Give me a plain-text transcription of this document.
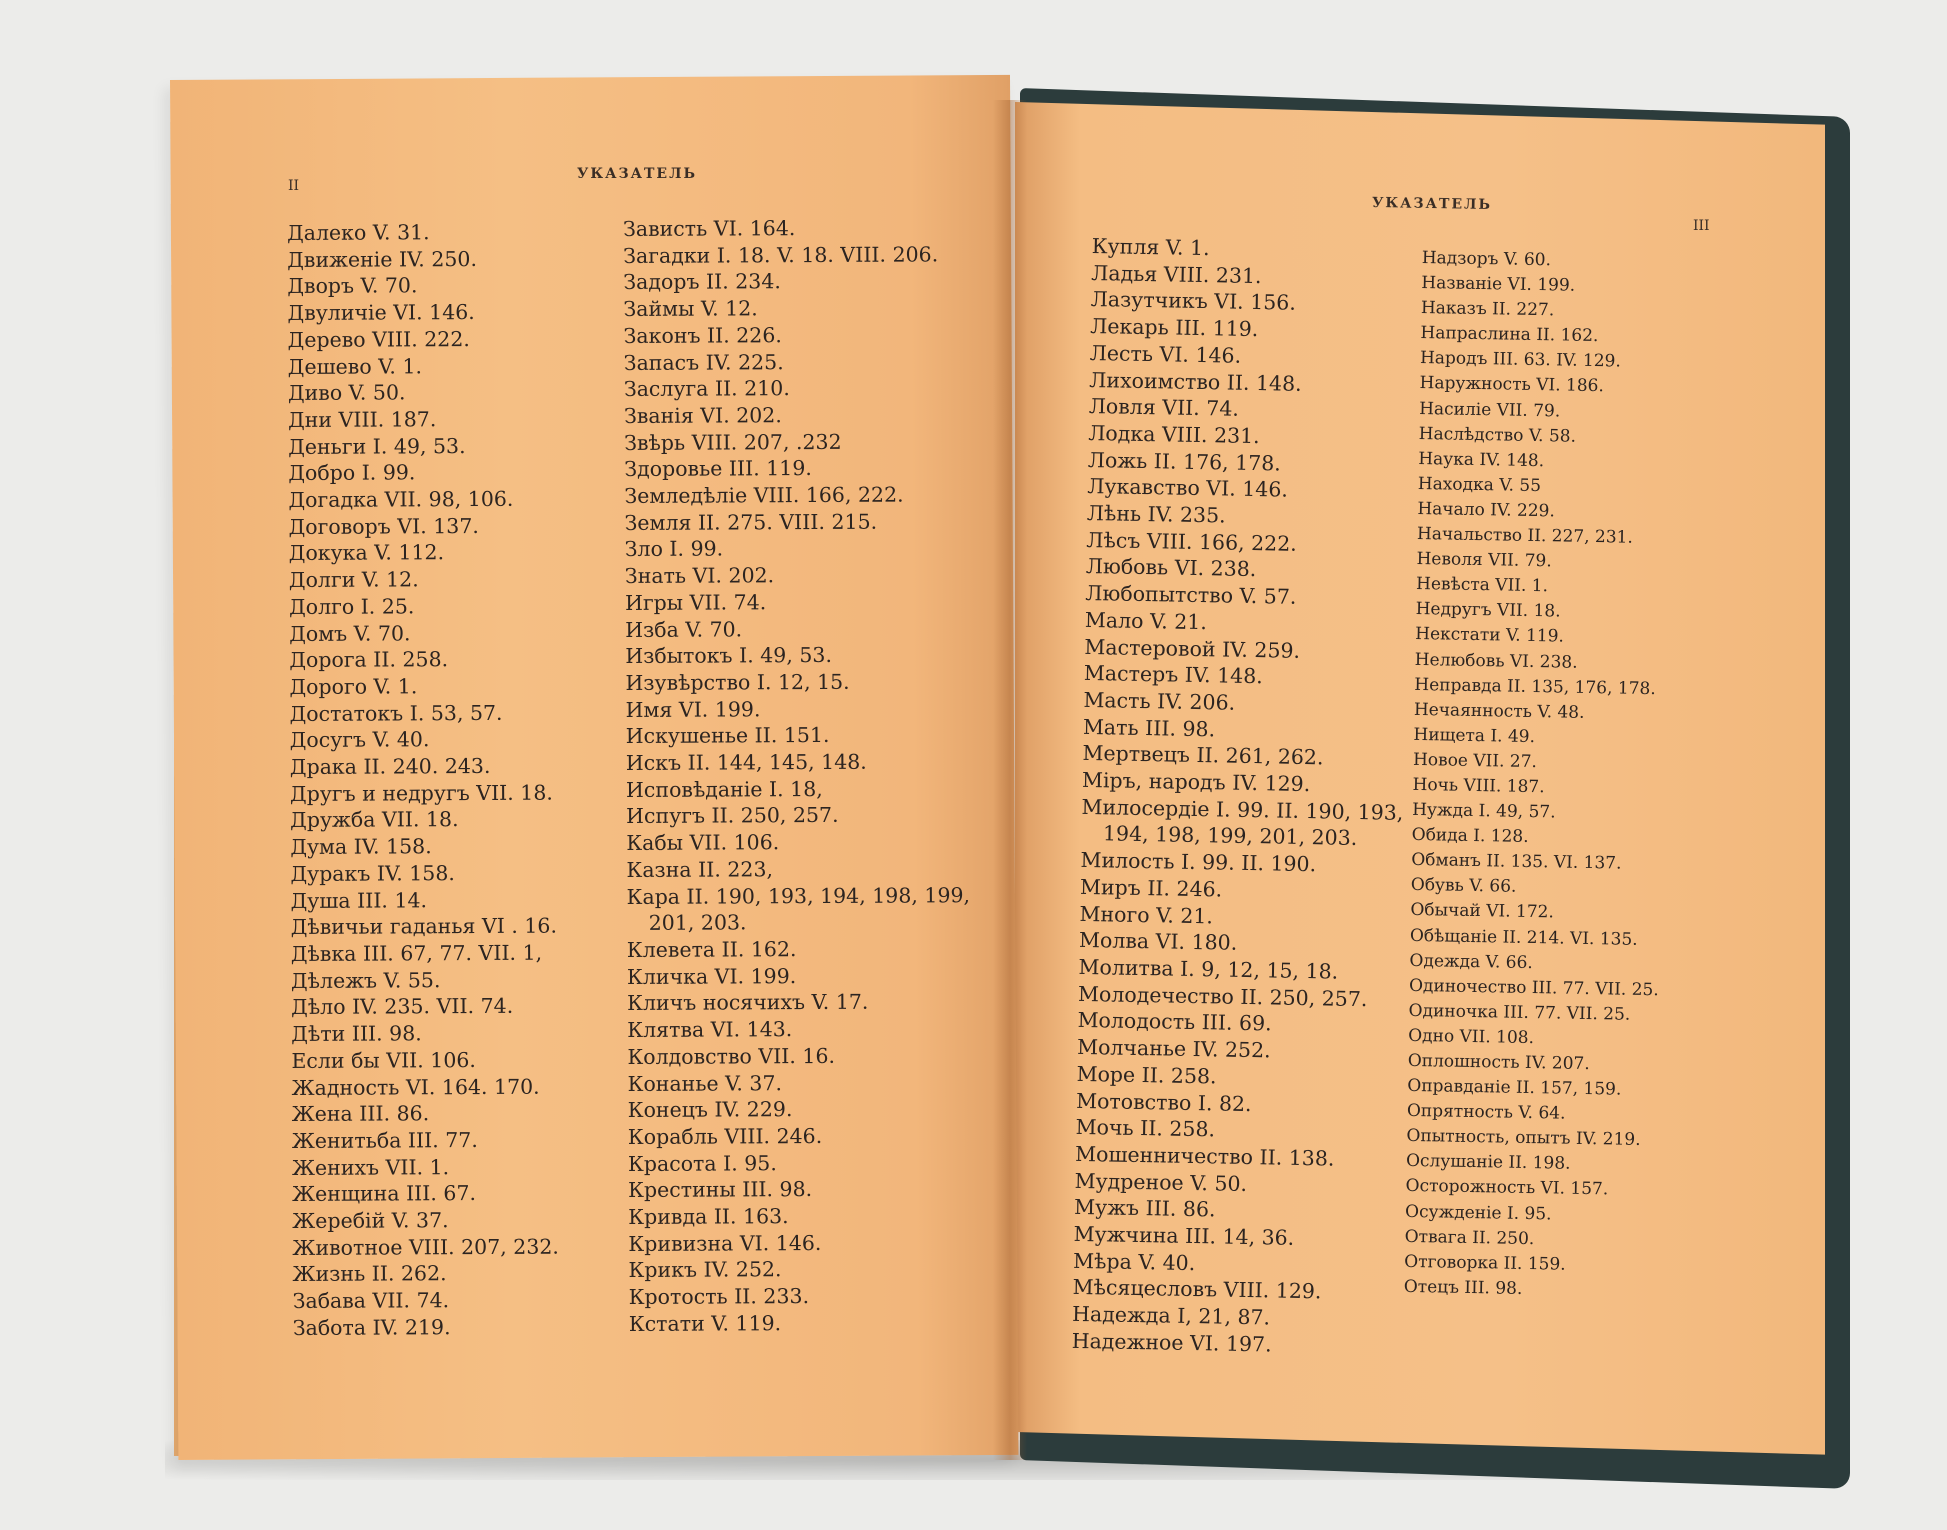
II
УКАЗАТЕЛЬ
УКАЗАТЕЛЬ
III
Далеко V. 31.
Движеніе IV. 250.
Дворъ V. 70.
Двуличіе VI. 146.
Дерево VIII. 222.
Дешево V. 1.
Диво V. 50.
Дни VIII. 187.
Деньги I. 49, 53.
Добро I. 99.
Догадка VII. 98, 106.
Договоръ VI. 137.
Докука V. 112.
Долги V. 12.
Долго I. 25.
Домъ V. 70.
Дорога II. 258.
Дорого V. 1.
Достатокъ I. 53, 57.
Досугъ V. 40.
Драка II. 240. 243.
Другъ и недругъ VII. 18.
Дружба VII. 18.
Дума IV. 158.
Дуракъ IV. 158.
Душа III. 14.
Дѣвичьи гаданья VI . 16.
Дѣвка III. 67, 77. VII. 1,
Дѣлежъ V. 55.
Дѣло IV. 235. VII. 74.
Дѣти III. 98.
Если бы VII. 106.
Жадность VI. 164. 170.
Жена III. 86.
Женитьба III. 77.
Женихъ VII. 1.
Женщина III. 67.
Жеребій V. 37.
Животное VIII. 207, 232.
Жизнь II. 262.
Забава VII. 74.
Забота IV. 219.
Зависть VI. 164.
Загадки I. 18. V. 18. VIII. 206.
Задоръ II. 234.
Займы V. 12.
Законъ II. 226.
Запасъ IV. 225.
Заслуга II. 210.
Званія VI. 202.
Звѣрь VIII. 207, .232
Здоровье III. 119.
Земледѣліе VIII. 166, 222.
Земля II. 275. VIII. 215.
Зло I. 99.
Знать VI. 202.
Игры VII. 74.
Изба V. 70.
Избытокъ I. 49, 53.
Изувѣрство I. 12, 15.
Имя VI. 199.
Искушенье II. 151.
Искъ II. 144, 145, 148.
Исповѣданіе I. 18,
Испугъ II. 250, 257.
Кабы VII. 106.
Казна II. 223,
Кара II. 190, 193, 194, 198, 199,
201, 203.
Клевета II. 162.
Кличка VI. 199.
Кличъ носячихъ V. 17.
Клятва VI. 143.
Колдовство VII. 16.
Конанье V. 37.
Конецъ IV. 229.
Корабль VIII. 246.
Красота I. 95.
Крестины III. 98.
Кривда II. 163.
Кривизна VI. 146.
Крикъ IV. 252.
Кротость II. 233.
Кстати V. 119.
Купля V. 1.
Ладья VIII. 231.
Лазутчикъ VI. 156.
Лекарь III. 119.
Лесть VI. 146.
Лихоимство II. 148.
Ловля VII. 74.
Лодка VIII. 231.
Ложь II. 176, 178.
Лукавство VI. 146.
Лѣнь IV. 235.
Лѣсъ VIII. 166, 222.
Любовь VI. 238.
Любопытство V. 57.
Мало V. 21.
Мастеровой IV. 259.
Мастеръ IV. 148.
Масть IV. 206.
Мать III. 98.
Мертвецъ II. 261, 262.
Міръ, народъ IV. 129.
Милосердіе I. 99. II. 190, 193,
194, 198, 199, 201, 203.
Милость I. 99. II. 190.
Миръ II. 246.
Много V. 21.
Молва VI. 180.
Молитва I. 9, 12, 15, 18.
Молодечество II. 250, 257.
Молодость III. 69.
Молчанье IV. 252.
Море II. 258.
Мотовство I. 82.
Мочь II. 258.
Мошенничество II. 138.
Мудреное V. 50.
Мужъ III. 86.
Мужчина III. 14, 36.
Мѣра V. 40.
Мѣсяцесловъ VIII. 129.
Надежда I, 21, 87.
Надежное VI. 197.
Надзоръ V. 60.
Названіе VI. 199.
Наказъ II. 227.
Напраслина II. 162.
Народъ III. 63. IV. 129.
Наружность VI. 186.
Насиліе VII. 79.
Наслѣдство V. 58.
Наука IV. 148.
Находка V. 55
Начало IV. 229.
Начальство II. 227, 231.
Неволя VII. 79.
Невѣста VII. 1.
Недругъ VII. 18.
Некстати V. 119.
Нелюбовь VI. 238.
Неправда II. 135, 176, 178.
Нечаянность V. 48.
Нищета I. 49.
Новое VII. 27.
Ночь VIII. 187.
Нужда I. 49, 57.
Обида I. 128.
Обманъ II. 135. VI. 137.
Обувь V. 66.
Обычай VI. 172.
Обѣщаніе II. 214. VI. 135.
Одежда V. 66.
Одиночество III. 77. VII. 25.
Одиночка III. 77. VII. 25.
Одно VII. 108.
Оплошность IV. 207.
Оправданіе II. 157, 159.
Опрятность V. 64.
Опытность, опытъ IV. 219.
Ослушаніе II. 198.
Осторожность VI. 157.
Осужденіе I. 95.
Отвага II. 250.
Отговорка II. 159.
Отецъ III. 98.
